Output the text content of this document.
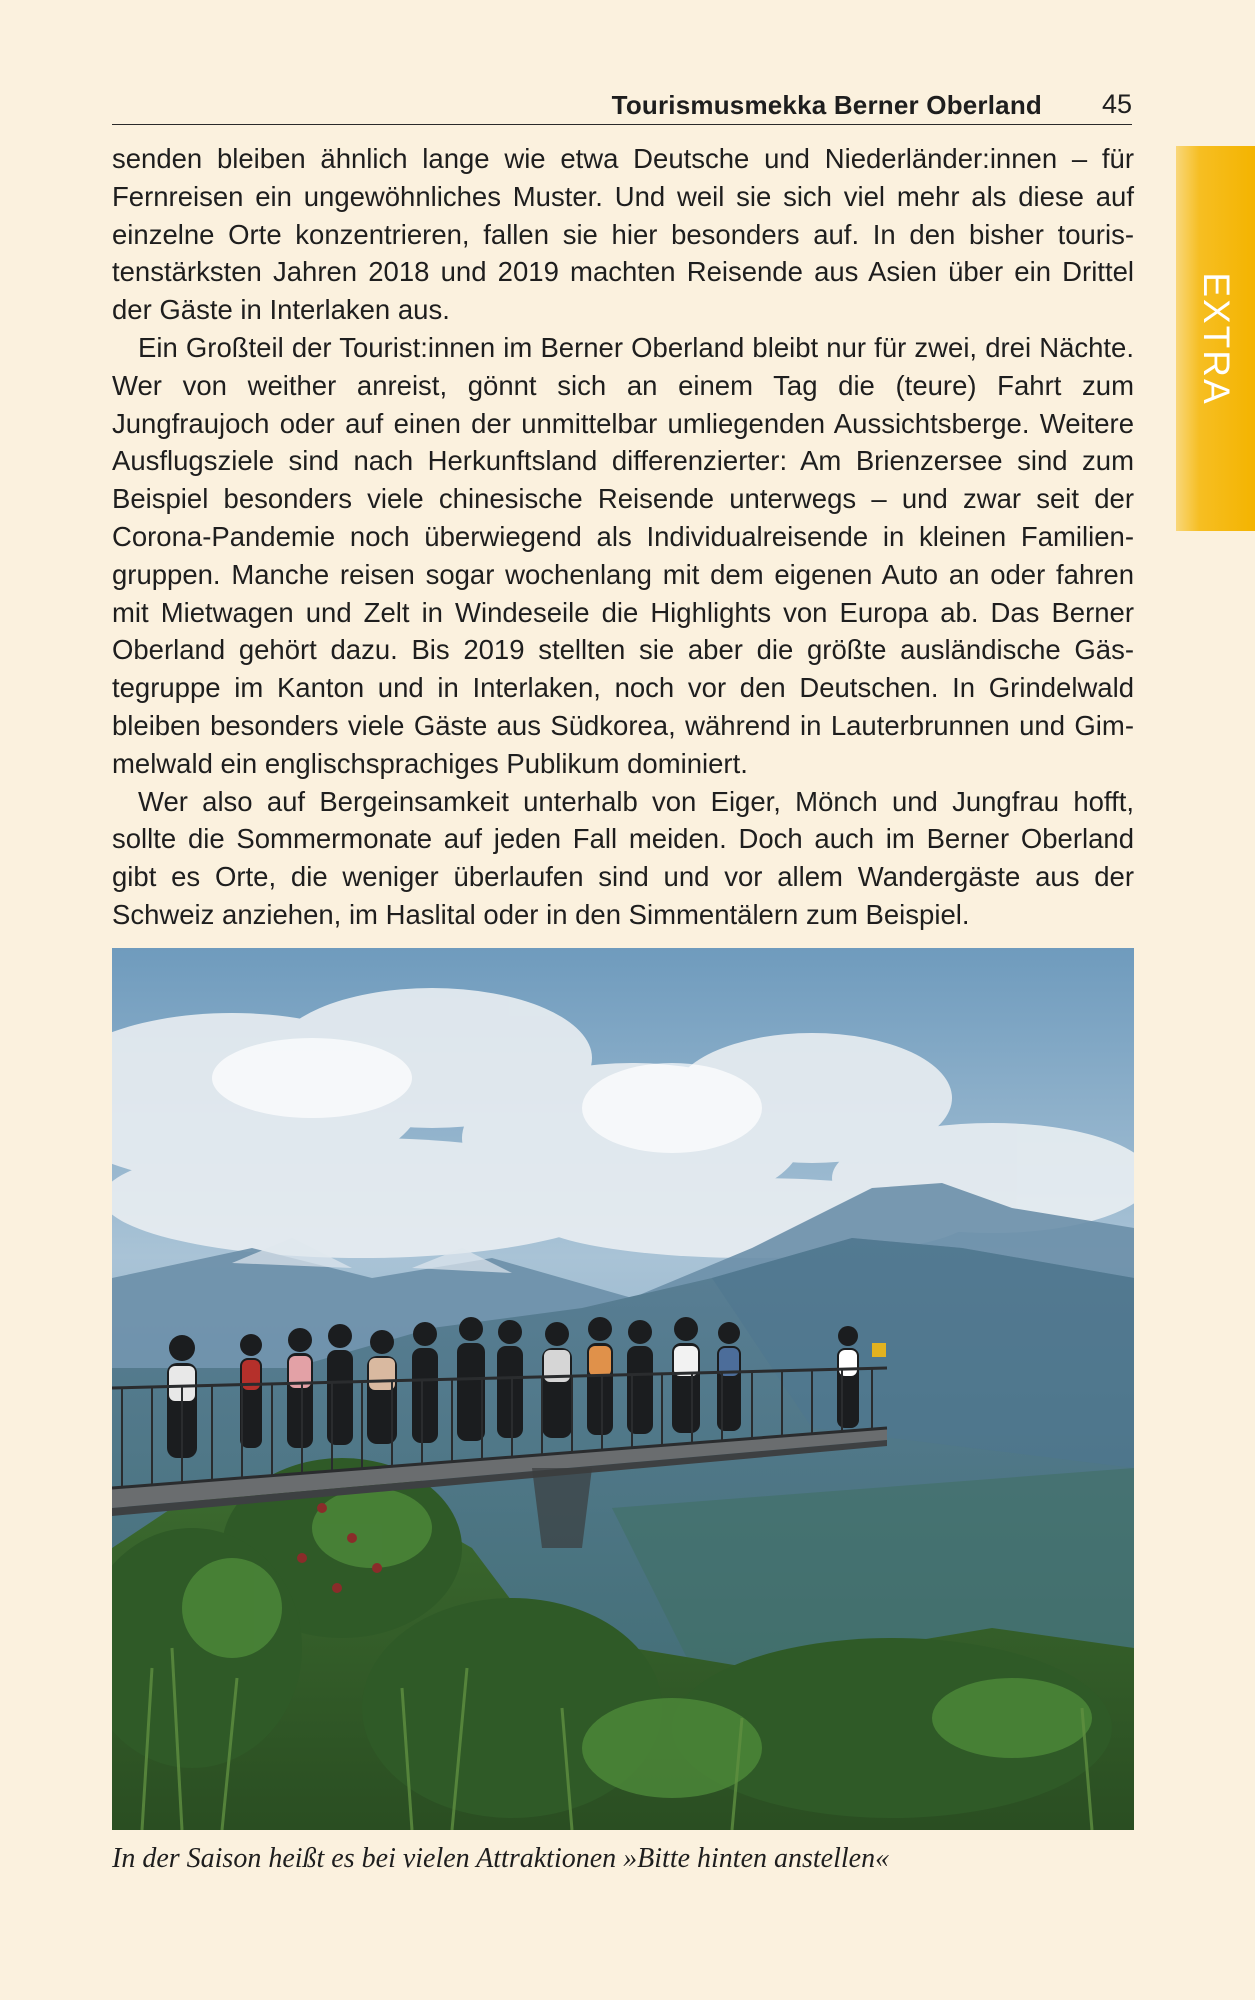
Tourismusmekka Berner Oberland 45
EXTRA

senden bleiben ähnlich lange wie etwa Deutsche und Niederländer:innen – für Fernreisen ein ungewöhnliches Muster. Und weil sie sich viel mehr als diese auf einzelne Orte konzentrieren, fallen sie hier besonders auf. In den bisher touristenstärksten Jahren 2018 und 2019 machten Reisende aus Asien über ein Drittel der Gäste in Interlaken aus.

Ein Großteil der Tourist:innen im Berner Oberland bleibt nur für zwei, drei Nächte. Wer von weither anreist, gönnt sich an einem Tag die (teure) Fahrt zum Jungfraujoch oder auf einen der unmittelbar umliegenden Aussichtsberge. Weitere Ausflugsziele sind nach Herkunftsland differenzierter: Am Brienzersee sind zum Beispiel besonders viele chinesische Reisende unterwegs – und zwar seit der Corona-Pandemie noch überwiegend als Individualreisende in kleinen Familiengruppen. Manche reisen sogar wochenlang mit dem eigenen Auto an oder fahren mit Mietwagen und Zelt in Windeseile die Highlights von Europa ab. Das Berner Oberland gehört dazu. Bis 2019 stellten sie aber die größte ausländische Gästegruppe im Kanton und in Interlaken, noch vor den Deutschen. In Grindelwald bleiben besonders viele Gäste aus Südkorea, während in Lauterbrunnen und Gimmelwald ein englischsprachiges Publikum dominiert.

Wer also auf Bergeinsamkeit unterhalb von Eiger, Mönch und Jungfrau hofft, sollte die Sommermonate auf jeden Fall meiden. Doch auch im Berner Oberland gibt es Orte, die weniger überlaufen sind und vor allem Wandergäste aus der Schweiz anziehen, im Haslital oder in den Simmentälern zum Beispiel.

In der Saison heißt es bei vielen Attraktionen »Bitte hinten anstellen«
